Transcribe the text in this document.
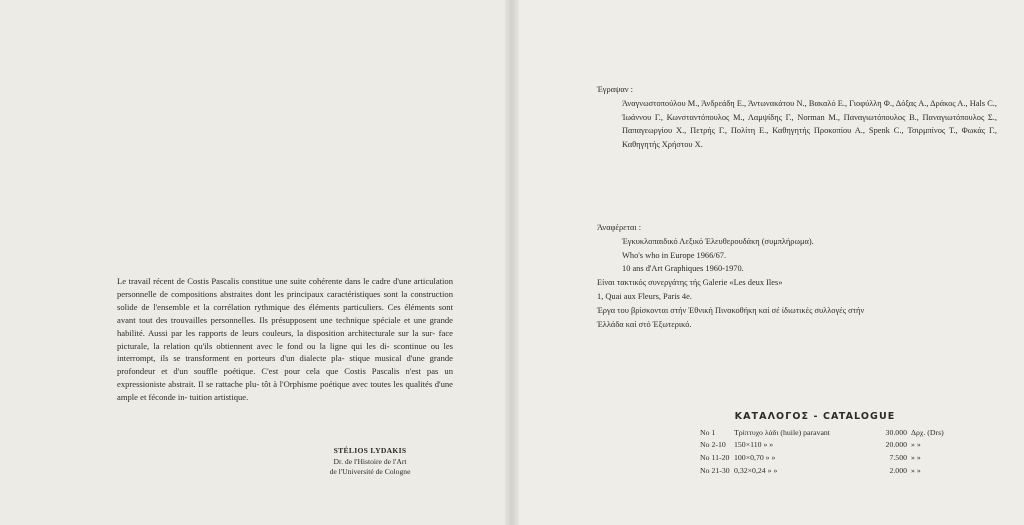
Le travail récent de Costis Pascalis constitue une suite cohérente dans le cadre d'une articulation personnelle de compositions abstraites dont les principaux caractéristiques sont la construction solide de l'ensemble et la corrélation rythmique des éléments particuliers. Ces éléments sont avant tout des trouvailles personnelles. Ils présupposent une technique spéciale et une grande habilité. Aussi par les rapports de leurs couleurs, la disposition architecturale sur la sur- face picturale, la relation qu'ils obtiennent avec le fond ou la ligne qui les di- scontinue ou les interrompt, ils se transforment en porteurs d'un dialecte pla- stique musical d'une grande profondeur et d'un souffle poétique. C'est pour cela que Costis Pascalis n'est pas un expressioniste abstrait. Il se rattache plu- tôt à l'Orphisme poétique avec toutes les qualités d'une ample et féconde in- tuition artistique.

STÉLIOS LYDAKIS
Dr. de l'Histoire de l'Art
de l'Université de Cologne

Έγραψαν :

Άναγνωστοπούλου Μ., Άνδρεάδη Ε., Άντωνακάτου Ν., Βακαλό Ε., Γιοφύλλη Φ., Δόξας Α., Δράκος Α., Hals C., Ίωάννου Γ., Κωνσταντόπουλος Μ., Λαμψίδης Γ., Norman M., Παναγιωτόπουλος Β., Παναγιωτόπουλος Σ., Παπαγεωργίου Χ., Πετρής Γ., Πολίτη Ε., Καθηγητής Προκοπίου Α., Spenk C., Τσιρμπίνος Τ., Φωκάς Γ., Καθηγητής Χρήστου Χ.

Άναφέρεται :
Έγκυκλοπαιδικό Λεξικό Έλευθερουδάκη (συμπλήρωμα).
Who's who in Europe 1966/67.
10 ans d'Art Graphiques 1960-1970.
Είναι τακτικός συνεργάτης τής Galerie «Les deux Iles»
1, Quai aux Fleurs, Paris 4e.
Έργα του βρίσκονται στήν Έθνική Πινακοθήκη καί σέ ίδιωτικές συλλογές στήν
Έλλάδα καί στό Έξωτερικό.
ΚΑΤΑΛΟΓΟΣ - CATALOGUE
No 1 Τρίπτυχο λάδι (huile) paravant	30.000 Δρχ. (Drs)
No 2-10 150×110 » »	20.000 » »
No 11-20 100×0,70 » »	7.500 » »
No 21-30 0,32×0,24 » »	2.000 » »
